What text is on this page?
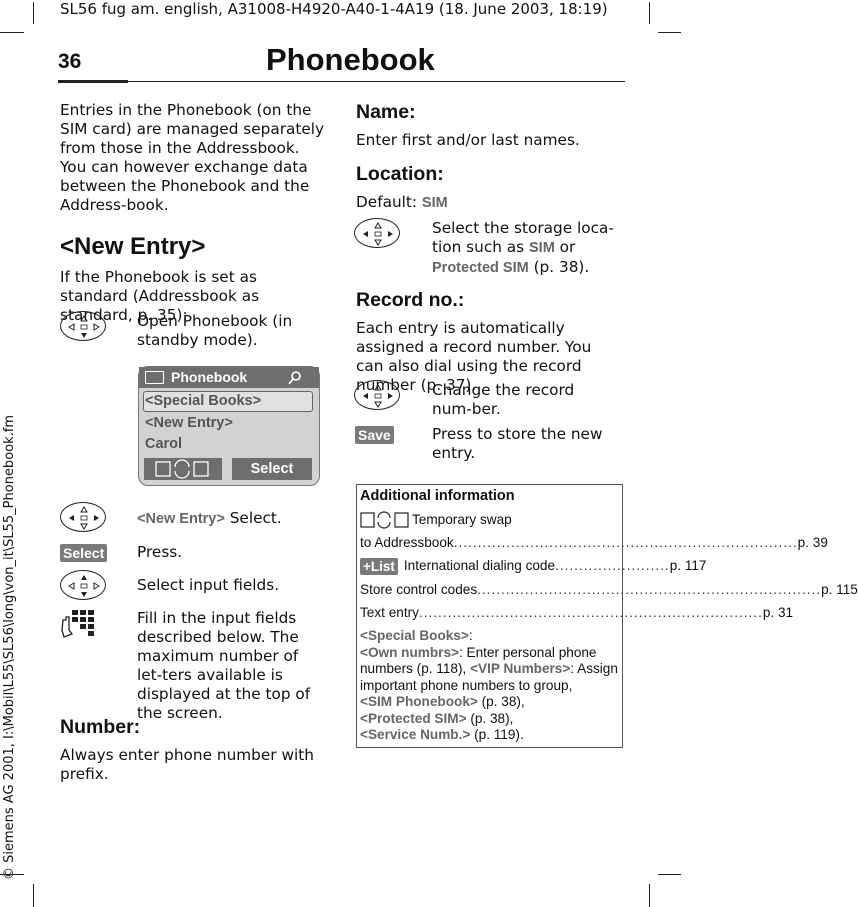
SL56 fug am. english, A31008-H4920-A40-1-4A19 (18. June 2003, 18:19)
© Siemens AG 2001, I:\Mobil\L55\SL56\long\von_it\SL55_Phonebook.fm
36	Phonebook
Entries in the Phonebook (on the SIM card) are managed separately from those in the Addressbook. You can however exchange data between the Phonebook and the Address-book.
<New Entry>
If the Phonebook is set as standard (Addressbook as standard, p. 35):
Open Phonebook (in standby mode).
Phonebook
<Special Books>
<New Entry>
Carol
Select
<New Entry> Select.
Select Press.
Select input fields.
Fill in the input fields described below. The maximum number of let-ters available is displayed at the top of the screen.
Number:
Always enter phone number with prefix.
Name:
Enter first and/or last names.
Location:
Default: SIM
Select the storage loca-tion such as SIM or Protected SIM (p. 38).
Record no.:
Each entry is automatically assigned a record number. You can also dial using the record number (p. 37).
Change the record num-ber.
Save	Press to store the new entry.
Additional information
Temporary swap
to Addressbook ........................................................................ p. 39
+List International dialing code ........................ p. 117
Store control codes ........................................................................ p. 115
Text entry ........................................................................ p. 31
<Special Books>:
<Own numbrs>: Enter personal phone numbers (p. 118), <VIP Numbers>: Assign important phone numbers to group,
<SIM Phonebook> (p. 38),
<Protected SIM> (p. 38),
<Service Numb.> (p. 119).
